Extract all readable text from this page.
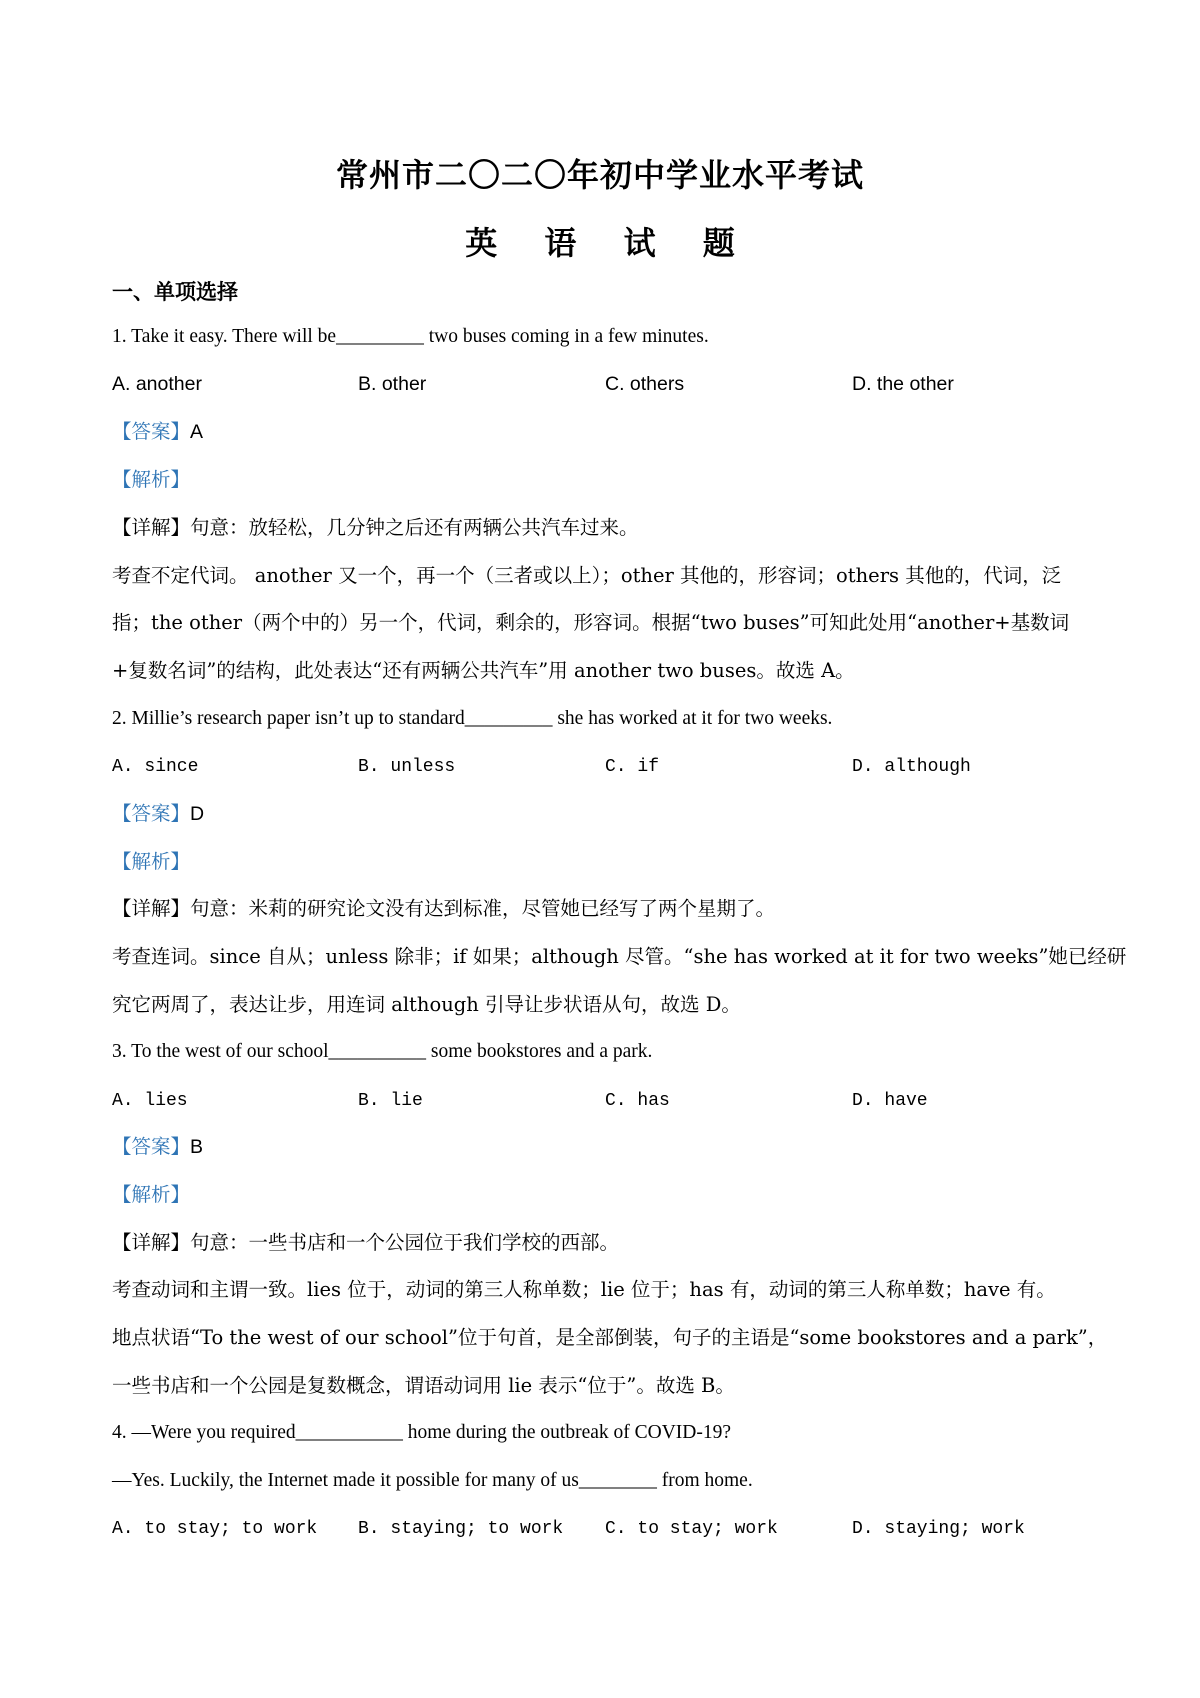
常州市二〇二〇年初中学业水平考试
英 语 试 题
一、单项选择
1. Take it easy. There will be_________ two buses coming in a few minutes.
A. another	B. other	C. others	D. the other
【答案】A
【解析】
【详解】句意：放轻松，几分钟之后还有两辆公共汽车过来。
考查不定代词。 another 又一个，再一个（三者或以上）；other 其他的，形容词；others 其他的，代词，泛
指；the other（两个中的）另一个，代词，剩余的，形容词。根据“two buses”可知此处用“another+基数词
+复数名词”的结构，此处表达“还有两辆公共汽车”用 another two buses。故选 A。
2. Millie’s research paper isn’t up to standard_________ she has worked at it for two weeks.
A. since	B. unless	C. if	D. although
【答案】D
【解析】
【详解】句意：米莉的研究论文没有达到标准，尽管她已经写了两个星期了。
考查连词。since 自从；unless 除非；if 如果；although 尽管。“she has worked at it for two weeks”她已经研
究它两周了，表达让步，用连词 although 引导让步状语从句，故选 D。
3. To the west of our school__________ some bookstores and a park.
A. lies	B. lie	C. has	D. have
【答案】B
【解析】
【详解】句意：一些书店和一个公园位于我们学校的西部。
考查动词和主谓一致。lies 位于，动词的第三人称单数；lie 位于；has 有，动词的第三人称单数；have 有。
地点状语“To the west of our school”位于句首，是全部倒装，句子的主语是“some bookstores and a park”，
一些书店和一个公园是复数概念，谓语动词用 lie 表示“位于”。故选 B。
4. —Were you required___________ home during the outbreak of COVID-19?
—Yes. Luckily, the Internet made it possible for many of us________ from home.
A. to stay; to work B. staying; to work C. to stay; work	D. staying; work
